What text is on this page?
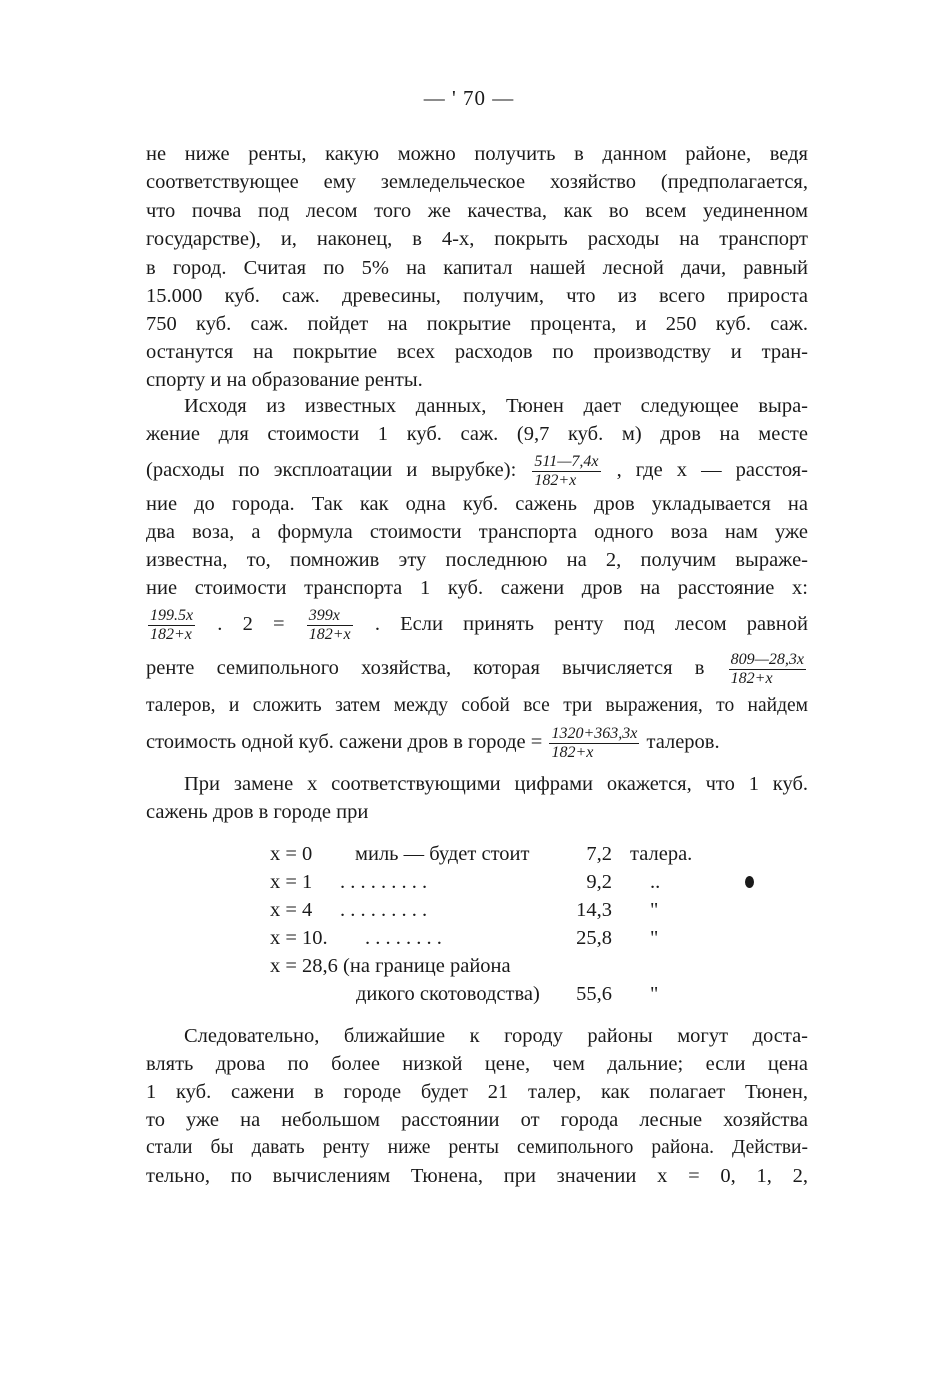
— ' 70 —
не ниже ренты, какую можно получить в данном районе, ведя
соответствующее ему земледельческое хозяйство (предполагается,
что почва под лесом того же качества, как во всем уединенном
государстве), и, наконец, в 4-х, покрыть расходы на транспорт
в город. Считая по 5% на капитал нашей лесной дачи, равный
15.000 куб. саж. древесины, получим, что из всего прироста
750 куб. саж. пойдет на покрытие процента, и 250 куб. саж.
останутся на покрытие всех расходов по производству и тран-
спорту и на образование ренты.
Исходя из известных данных, Тюнен дает следующее выра-
жение для стоимости 1 куб. саж. (9,7 куб. м) дров на месте
(расходы по эксплоатации и вырубке): $\frac{511—7,4x}{182+x}$ , где x — расстоя-
ние до города. Так как одна куб. сажень дров укладывается на
два воза, а формула стоимости транспорта одного воза нам уже
известна, то, помножив эту последнюю на 2, получим выраже-
ние стоимости транспорта 1 куб. сажени дров на расстояние x:
$\frac{199.5x}{182+x}$ . $2 = \frac{399x}{182+x}$ . Если принять ренту под лесом равной
ренте семипольного хозяйства, которая вычисляется в $\frac{809—28,3x}{182+x}$
талеров, и сложить затем между собой все три выражения, то найдем
стоимость одной куб. сажени дров в городе = $\frac{1320+363,3x}{182+x}$ талеров.
При замене x соответствующими цифрами окажется, что 1 куб.
сажень дров в городе при
x = 0 миль — будет стоит	7,2 талера.
x = 1 . . . . . . . . .	9,2 ..
x = 4 . . . . . . . . .	14,3 "
x = 10. . . . . . . . .	25,8 "
x = 28,6 (на границе района
дикого скотоводства)	55,6 "
Следовательно, ближайшие к городу районы могут доста-
влять дрова по более низкой цене, чем дальние; если цена
1 куб. сажени в городе будет 21 талер, как полагает Тюнен,
то уже на небольшом расстоянии от города лесные хозяйства
стали бы давать ренту ниже ренты семипольного района. Действи-
тельно, по вычислениям Тюнена, при значении x = 0, 1, 2,
